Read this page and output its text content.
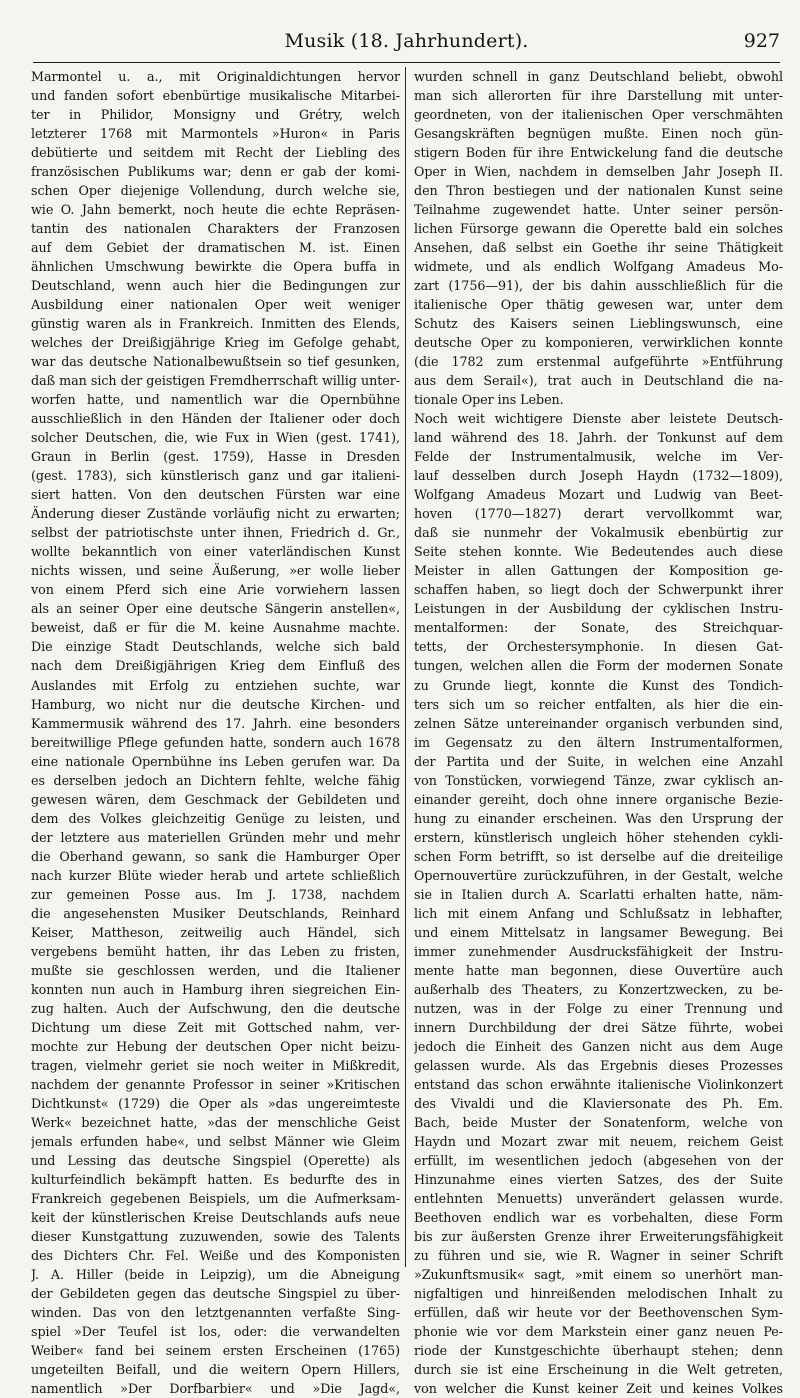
Musik (18. Jahrhundert).	927
Marmontel u. a., mit Originaldichtungen hervor
und fanden sofort ebenbürtige musikalische Mitarbei-
ter in Philidor, Monsigny und Grétry, welch
letzterer 1768 mit Marmontels »Huron« in Paris
debütierte und seitdem mit Recht der Liebling des
französischen Publikums war; denn er gab der komi-
schen Oper diejenige Vollendung, durch welche sie,
wie O. Jahn bemerkt, noch heute die echte Repräsen-
tantin des nationalen Charakters der Franzosen
auf dem Gebiet der dramatischen M. ist. Einen
ähnlichen Umschwung bewirkte die Opera buffa in
Deutschland, wenn auch hier die Bedingungen zur
Ausbildung einer nationalen Oper weit weniger
günstig waren als in Frankreich. Inmitten des Elends,
welches der Dreißigjährige Krieg im Gefolge gehabt,
war das deutsche Nationalbewußtsein so tief gesunken,
daß man sich der geistigen Fremdherrschaft willig unter-
worfen hatte, und namentlich war die Opernbühne
ausschließlich in den Händen der Italiener oder doch
solcher Deutschen, die, wie Fux in Wien (gest. 1741),
Graun in Berlin (gest. 1759), Hasse in Dresden
(gest. 1783), sich künstlerisch ganz und gar italieni-
siert hatten. Von den deutschen Fürsten war eine
Änderung dieser Zustände vorläufig nicht zu erwarten;
selbst der patriotischste unter ihnen, Friedrich d. Gr.,
wollte bekanntlich von einer vaterländischen Kunst
nichts wissen, und seine Äußerung, »er wolle lieber
von einem Pferd sich eine Arie vorwiehern lassen
als an seiner Oper eine deutsche Sängerin anstellen«,
beweist, daß er für die M. keine Ausnahme machte.
Die einzige Stadt Deutschlands, welche sich bald
nach dem Dreißigjährigen Krieg dem Einfluß des
Auslandes mit Erfolg zu entziehen suchte, war
Hamburg, wo nicht nur die deutsche Kirchen- und
Kammermusik während des 17. Jahrh. eine besonders
bereitwillige Pflege gefunden hatte, sondern auch 1678
eine nationale Opernbühne ins Leben gerufen war. Da
es derselben jedoch an Dichtern fehlte, welche fähig
gewesen wären, dem Geschmack der Gebildeten und
dem des Volkes gleichzeitig Genüge zu leisten, und
der letztere aus materiellen Gründen mehr und mehr
die Oberhand gewann, so sank die Hamburger Oper
nach kurzer Blüte wieder herab und artete schließlich
zur gemeinen Posse aus. Im J. 1738, nachdem
die angesehensten Musiker Deutschlands, Reinhard
Keiser, Mattheson, zeitweilig auch Händel, sich
vergebens bemüht hatten, ihr das Leben zu fristen,
mußte sie geschlossen werden, und die Italiener
konnten nun auch in Hamburg ihren siegreichen Ein-
zug halten. Auch der Aufschwung, den die deutsche
Dichtung um diese Zeit mit Gottsched nahm, ver-
mochte zur Hebung der deutschen Oper nicht beizu-
tragen, vielmehr geriet sie noch weiter in Mißkredit,
nachdem der genannte Professor in seiner »Kritischen
Dichtkunst« (1729) die Oper als »das ungereimteste
Werk« bezeichnet hatte, »das der menschliche Geist
jemals erfunden habe«, und selbst Männer wie Gleim
und Lessing das deutsche Singspiel (Operette) als
kulturfeindlich bekämpft hatten. Es bedurfte des in
Frankreich gegebenen Beispiels, um die Aufmerksam-
keit der künstlerischen Kreise Deutschlands aufs neue
dieser Kunstgattung zuzuwenden, sowie des Talents
des Dichters Chr. Fel. Weiße und des Komponisten
J. A. Hiller (beide in Leipzig), um die Abneigung
der Gebildeten gegen das deutsche Singspiel zu über-
winden. Das von den letztgenannten verfaßte Sing-
spiel »Der Teufel ist los, oder: die verwandelten
Weiber« fand bei seinem ersten Erscheinen (1765)
ungeteilten Beifall, und die weitern Opern Hillers,
namentlich »Der Dorfbarbier« und »Die Jagd«,
wurden schnell in ganz Deutschland beliebt, obwohl
man sich allerorten für ihre Darstellung mit unter-
geordneten, von der italienischen Oper verschmähten
Gesangskräften begnügen mußte. Einen noch gün-
stigern Boden für ihre Entwickelung fand die deutsche
Oper in Wien, nachdem in demselben Jahr Joseph II.
den Thron bestiegen und der nationalen Kunst seine
Teilnahme zugewendet hatte. Unter seiner persön-
lichen Fürsorge gewann die Operette bald ein solches
Ansehen, daß selbst ein Goethe ihr seine Thätigkeit
widmete, und als endlich Wolfgang Amadeus Mo-
zart (1756—91), der bis dahin ausschließlich für die
italienische Oper thätig gewesen war, unter dem
Schutz des Kaisers seinen Lieblingswunsch, eine
deutsche Oper zu komponieren, verwirklichen konnte
(die 1782 zum erstenmal aufgeführte »Entführung
aus dem Serail«), trat auch in Deutschland die na-
tionale Oper ins Leben.
Noch weit wichtigere Dienste aber leistete Deutsch-
land während des 18. Jahrh. der Tonkunst auf dem
Felde der Instrumentalmusik, welche im Ver-
lauf desselben durch Joseph Haydn (1732—1809),
Wolfgang Amadeus Mozart und Ludwig van Beet-
hoven (1770—1827) derart vervollkommt war,
daß sie nunmehr der Vokalmusik ebenbürtig zur
Seite stehen konnte. Wie Bedeutendes auch diese
Meister in allen Gattungen der Komposition ge-
schaffen haben, so liegt doch der Schwerpunkt ihrer
Leistungen in der Ausbildung der cyklischen Instru-
mentalformen: der Sonate, des Streichquar-
tetts, der Orchestersymphonie. In diesen Gat-
tungen, welchen allen die Form der modernen Sonate
zu Grunde liegt, konnte die Kunst des Tondich-
ters sich um so reicher entfalten, als hier die ein-
zelnen Sätze untereinander organisch verbunden sind,
im Gegensatz zu den ältern Instrumentalformen,
der Partita und der Suite, in welchen eine Anzahl
von Tonstücken, vorwiegend Tänze, zwar cyklisch an-
einander gereiht, doch ohne innere organische Bezie-
hung zu einander erscheinen. Was den Ursprung der
erstern, künstlerisch ungleich höher stehenden cykli-
schen Form betrifft, so ist derselbe auf die dreiteilige
Opernouvertüre zurückzuführen, in der Gestalt, welche
sie in Italien durch A. Scarlatti erhalten hatte, näm-
lich mit einem Anfang und Schlußsatz in lebhafter,
und einem Mittelsatz in langsamer Bewegung. Bei
immer zunehmender Ausdrucksfähigkeit der Instru-
mente hatte man begonnen, diese Ouvertüre auch
außerhalb des Theaters, zu Konzertzwecken, zu be-
nutzen, was in der Folge zu einer Trennung und
innern Durchbildung der drei Sätze führte, wobei
jedoch die Einheit des Ganzen nicht aus dem Auge
gelassen wurde. Als das Ergebnis dieses Prozesses
entstand das schon erwähnte italienische Violinkonzert
des Vivaldi und die Klaviersonate des Ph. Em.
Bach, beide Muster der Sonatenform, welche von
Haydn und Mozart zwar mit neuem, reichem Geist
erfüllt, im wesentlichen jedoch (abgesehen von der
Hinzunahme eines vierten Satzes, des der Suite
entlehnten Menuetts) unverändert gelassen wurde.
Beethoven endlich war es vorbehalten, diese Form
bis zur äußersten Grenze ihrer Erweiterungsfähigkeit
zu führen und sie, wie R. Wagner in seiner Schrift
»Zukunftsmusik« sagt, »mit einem so unerhört man-
nigfaltigen und hinreißenden melodischen Inhalt zu
erfüllen, daß wir heute vor der Beethovenschen Sym-
phonie wie vor dem Markstein einer ganz neuen Pe-
riode der Kunstgeschichte überhaupt stehen; denn
durch sie ist eine Erscheinung in die Welt getreten,
von welcher die Kunst keiner Zeit und keines Volkes
